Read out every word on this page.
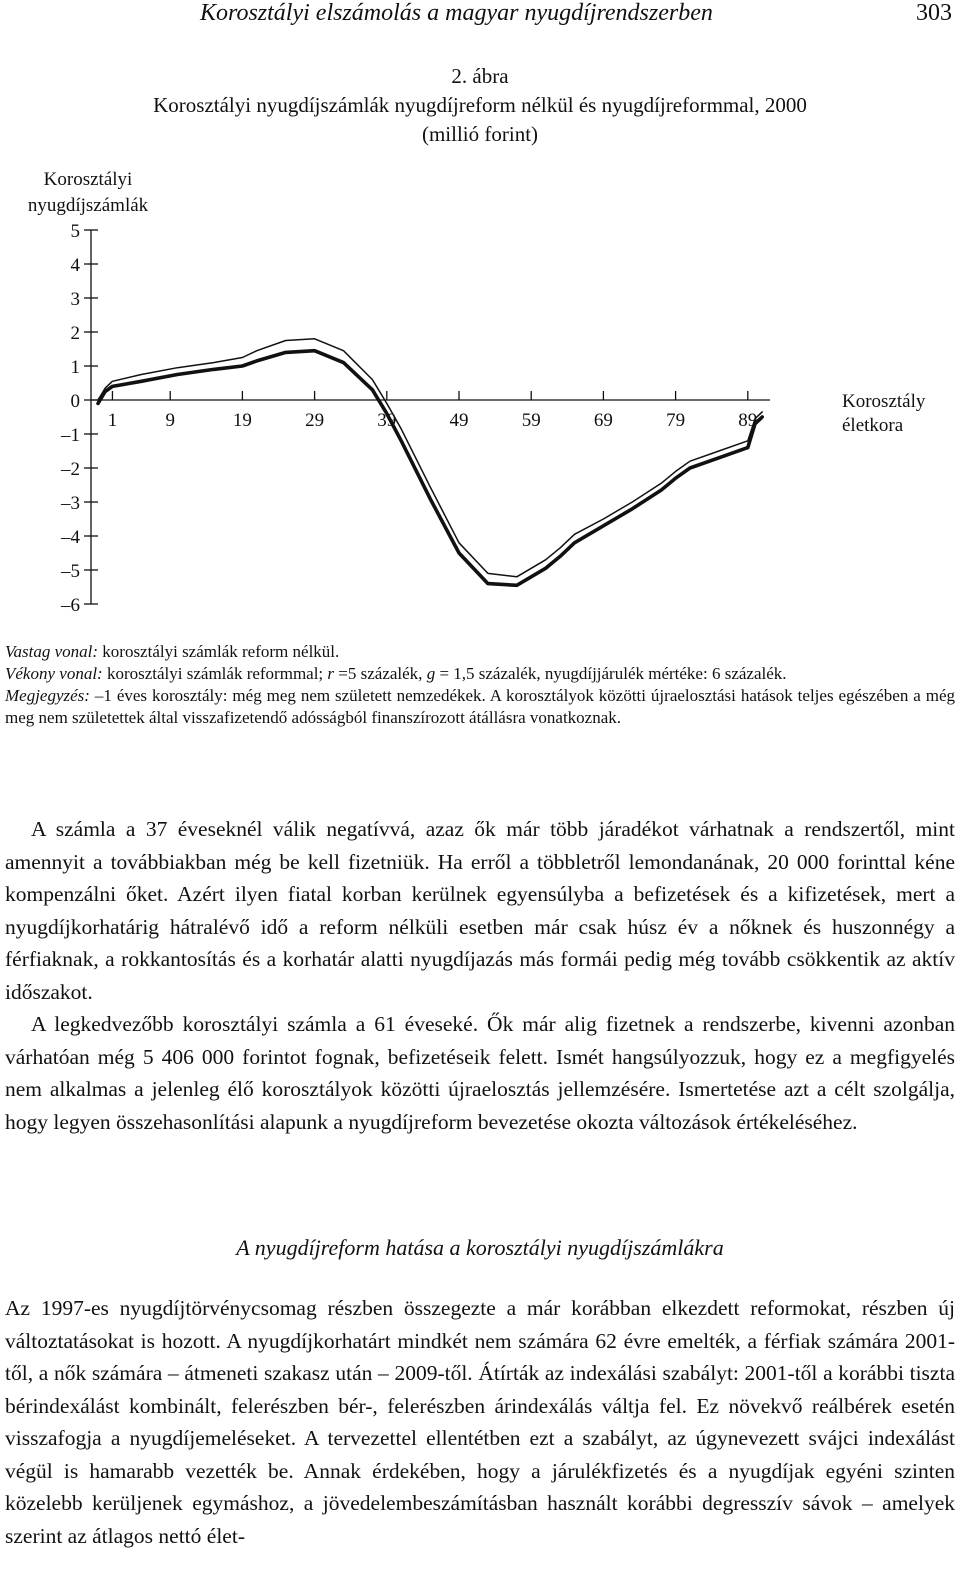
Korosztályi elszámolás a magyar nyugdíjrendszerben	303
2. ábra
Korosztályi nyugdíjszámlák nyugdíjreform nélkül és nyugdíjreformmal, 2000
(millió forint)
Korosztályi
nyugdíjszámlák
5
4
3
2
1
0
–1
–2
–3
–4
–5
–6
1	9	19	29	39	49	59	69	79	89
Korosztály
életkora

Vastag vonal: korosztályi számlák reform nélkül.

Vékony vonal: korosztályi számlák reformmal; r =5 százalék, g = 1,5 százalék, nyugdíjjárulék mértéke: 6 százalék.

Megjegyzés: –1 éves korosztály: még meg nem született nemzedékek. A korosztályok közötti újraelosztási hatások teljes egészében a még meg nem születettek által visszafizetendő adósságból finanszírozott átállásra vonatkoznak.

A számla a 37 éveseknél válik negatívvá, azaz ők már több járadékot várhatnak a rendszertől, mint amennyit a továbbiakban még be kell fizetniük. Ha erről a többletről lemondanának, 20 000 forinttal kéne kompenzálni őket. Azért ilyen fiatal korban kerülnek egyensúlyba a befizetések és a kifizetések, mert a nyugdíjkorhatárig hátralévő idő a reform nélküli esetben már csak húsz év a nőknek és huszonnégy a férfiaknak, a rokkantosítás és a korhatár alatti nyugdíjazás más formái pedig még tovább csökkentik az aktív időszakot.

A legkedvezőbb korosztályi számla a 61 éveseké. Ők már alig fizetnek a rendszerbe, kivenni azonban várhatóan még 5 406 000 forintot fognak, befizetéseik felett. Ismét hangsúlyozzuk, hogy ez a megfigyelés nem alkalmas a jelenleg élő korosztályok közötti újraelosztás jellemzésére. Ismertetése azt a célt szolgálja, hogy legyen összehasonlítási alapunk a nyugdíjreform bevezetése okozta változások értékeléséhez.

A nyugdíjreform hatása a korosztályi nyugdíjszámlákra

Az 1997-es nyugdíjtörvénycsomag részben összegezte a már korábban elkezdett reformokat, részben új változtatásokat is hozott. A nyugdíjkorhatárt mindkét nem számára 62 évre emelték, a férfiak számára 2001-től, a nők számára – átmeneti szakasz után – 2009-től. Átírták az indexálási szabályt: 2001-től a korábbi tiszta bérindexálást kombinált, felerészben bér-, felerészben árindexálás váltja fel. Ez növekvő reálbérek esetén visszafogja a nyugdíjemeléseket. A tervezettel ellentétben ezt a szabályt, az úgynevezett svájci indexálást végül is hamarabb vezették be. Annak érdekében, hogy a járulékfizetés és a nyugdíjak egyéni szinten közelebb kerüljenek egymáshoz, a jövedelembeszámításban használt korábbi degresszív sávok – amelyek szerint az átlagos nettó élet-
